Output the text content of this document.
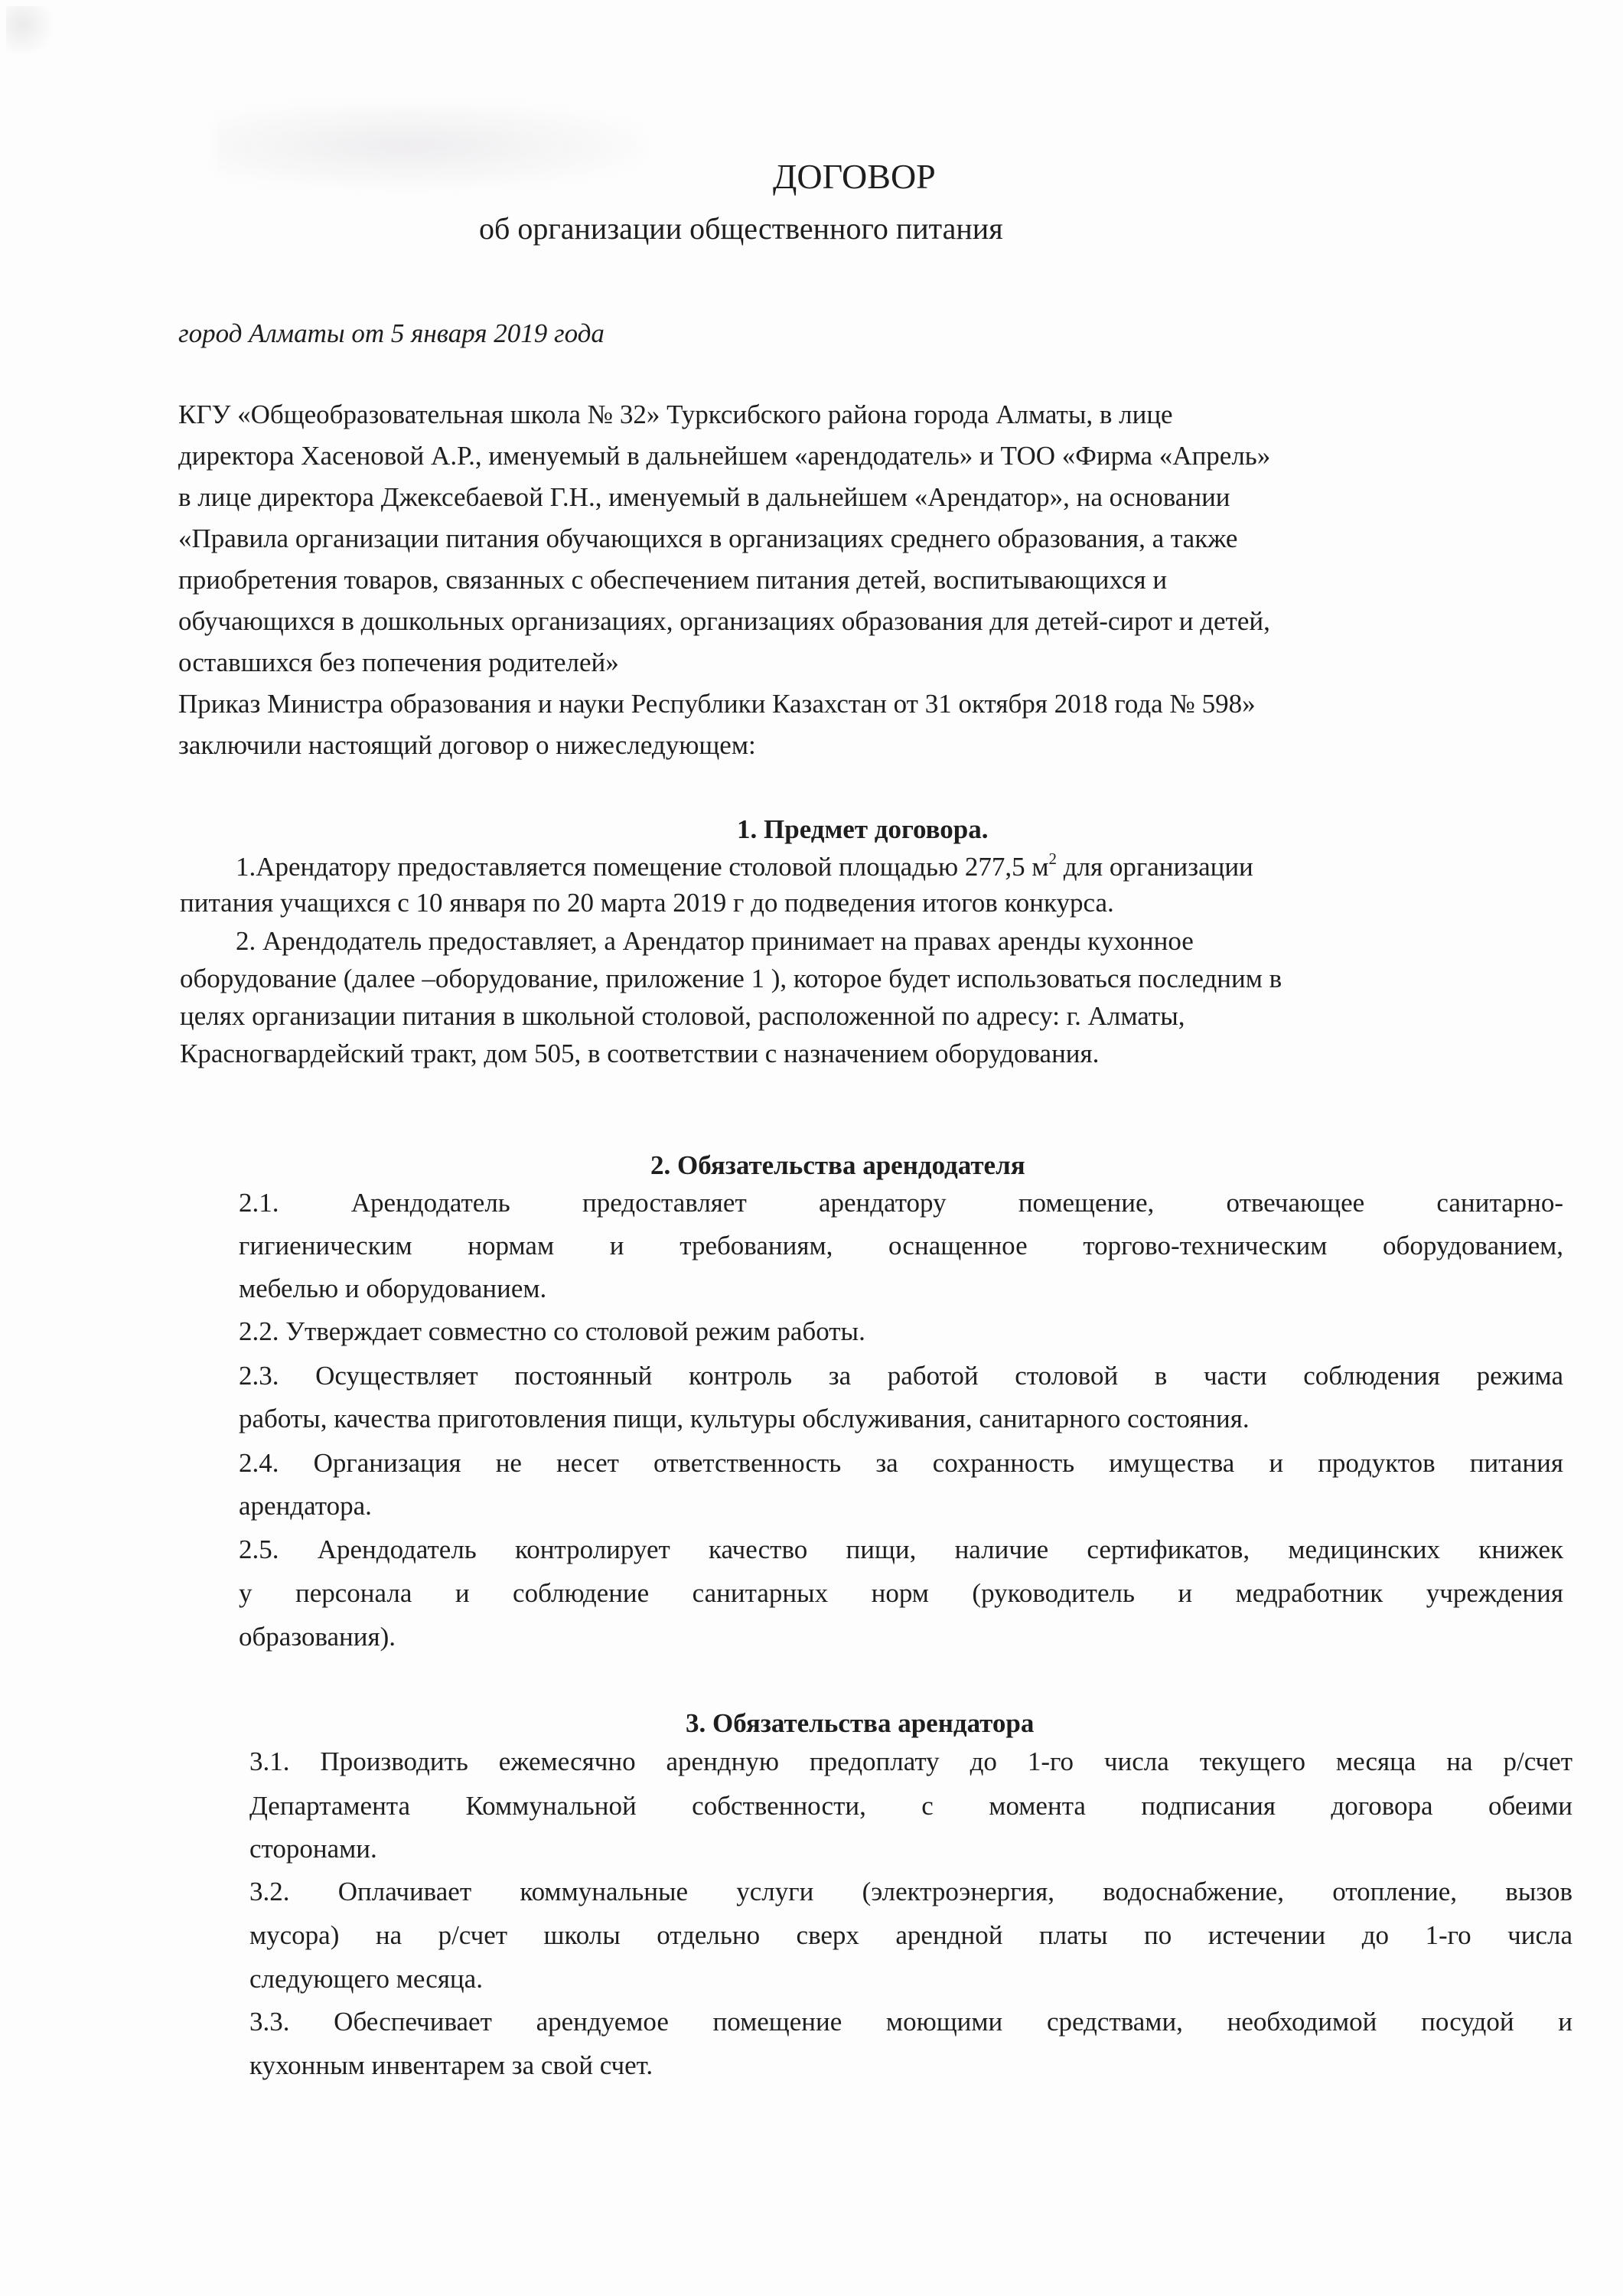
ДОГОВОР
об организации общественного питания
город Алматы от 5 января 2019 года
КГУ «Общеобразовательная школа № 32» Турксибского района города Алматы, в лице
директора Хасеновой А.Р., именуемый в дальнейшем «арендодатель» и ТОО «Фирма «Апрель»
в лице директора Джексебаевой Г.Н., именуемый в дальнейшем «Арендатор», на основании
«Правила организации питания обучающихся в организациях среднего образования, а также
приобретения товаров, связанных с обеспечением питания детей, воспитывающихся и
обучающихся в дошкольных организациях, организациях образования для детей-сирот и детей,
оставшихся без попечения родителей»
Приказ Министра образования и науки Республики Казахстан от 31 октября 2018 года № 598»
заключили настоящий договор о нижеследующем:
1. Предмет договора.
1.Арендатору предоставляется помещение столовой площадью 277,5 $м^2$ для организации
питания учащихся с 10 января по 20 марта 2019 г до подведения итогов конкурса.
2. Арендодатель предоставляет, а Арендатор принимает на правах аренды кухонное
оборудование (далее –оборудование, приложение 1 ), которое будет использоваться последним в
целях организации питания в школьной столовой, расположенной по адресу: г. Алматы,
Красногвардейский тракт, дом 505, в соответствии с назначением оборудования.
2. Обязательства арендодателя
2.1. Арендодатель предоставляет арендатору помещение, отвечающее санитарно-
гигиеническим нормам и требованиям, оснащенное торгово-техническим оборудованием,
мебелью и оборудованием.
2.2. Утверждает совместно со столовой режим работы.
2.3. Осуществляет постоянный контроль за работой столовой в части соблюдения режима
работы, качества приготовления пищи, культуры обслуживания, санитарного состояния.
2.4. Организация не несет ответственность за сохранность имущества и продуктов питания
арендатора.
2.5. Арендодатель контролирует качество пищи, наличие сертификатов, медицинских книжек
у персонала и соблюдение санитарных норм (руководитель и медработник учреждения
образования).
3. Обязательства арендатора
3.1. Производить ежемесячно арендную предоплату до 1-го числа текущего месяца на р/счет
Департамента Коммунальной собственности, с момента подписания договора обеими
сторонами.
3.2. Оплачивает коммунальные услуги (электроэнергия, водоснабжение, отопление, вызов
мусора) на р/счет школы отдельно сверх арендной платы по истечении до 1-го числа
следующего месяца.
3.3. Обеспечивает арендуемое помещение моющими средствами, необходимой посудой и
кухонным инвентарем за свой счет.
